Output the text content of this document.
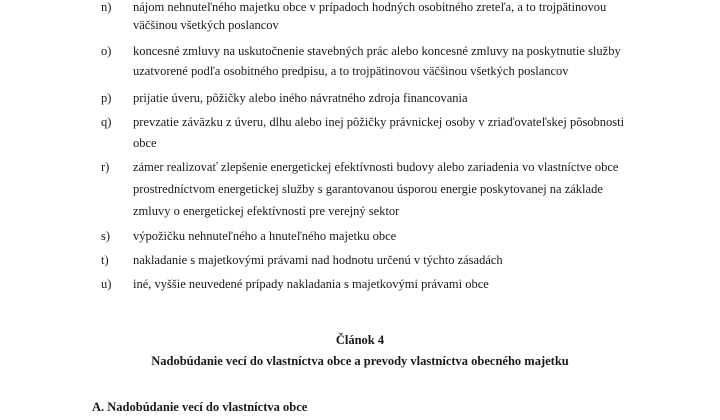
n) nájom nehnuteľného majetku obce v prípadoch hodných osobitného zreteľa, a to trojpätinovou
väčšinou všetkých poslancov
o) koncesné zmluvy na uskutočnenie stavebných prác alebo koncesné zmluvy na poskytnutie služby
uzatvorené podľa osobitného predpisu, a to trojpätinovou väčšinou všetkých poslancov
p) prijatie úveru, pôžičky alebo iného návratného zdroja financovania
q) prevzatie záväzku z úveru, dlhu alebo inej pôžičky právnickej osoby v zriaďovateľskej pôsobnosti
obce
r) zámer realizovať zlepšenie energetickej efektívnosti budovy alebo zariadenia vo vlastníctve obce
prostredníctvom energetickej služby s garantovanou úsporou energie poskytovanej na základe
zmluvy o energetickej efektívnosti pre verejný sektor
s) výpožičku nehnuteľného a hnuteľného majetku obce
t) nakladanie s majetkovými právami nad hodnotu určenú v týchto zásadách
u) iné, vyššie neuvedené prípady nakladania s majetkovými právami obce
Článok 4
Nadobúdanie vecí do vlastníctva obce a prevody vlastníctva obecného majetku
A. Nadobúdanie vecí do vlastníctva obce
